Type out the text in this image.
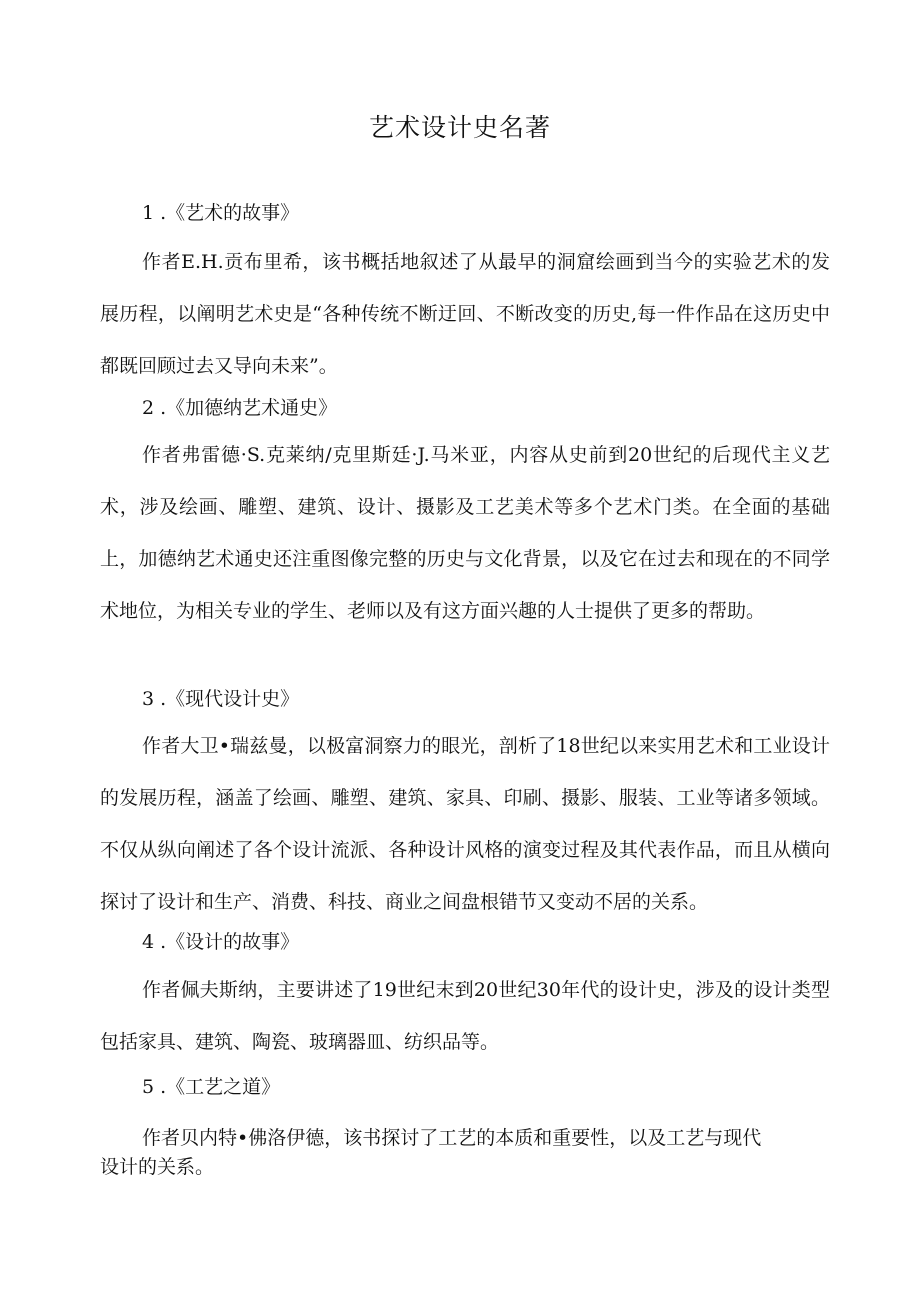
艺术设计史名著
1 .《艺术的故事》
作者E.H.贡布里希，该书概括地叙述了从最早的洞窟绘画到当今的实验艺术的发展历程，以阐明艺术史是“各种传统不断迂回、不断改变的历史,每一件作品在这历史中都既回顾过去又导向未来”。
2 .《加德纳艺术通史》
作者弗雷德·S.克莱纳/克里斯廷·J.马米亚，内容从史前到20世纪的后现代主义艺术，涉及绘画、雕塑、建筑、设计、摄影及工艺美术等多个艺术门类。在全面的基础上，加德纳艺术通史还注重图像完整的历史与文化背景，以及它在过去和现在的不同学术地位，为相关专业的学生、老师以及有这方面兴趣的人士提供了更多的帮助。
3 .《现代设计史》
作者大卫•瑞兹曼，以极富洞察力的眼光，剖析了18世纪以来实用艺术和工业设计的发展历程，涵盖了绘画、雕塑、建筑、家具、印刷、摄影、服装、工业等诸多领域。不仅从纵向阐述了各个设计流派、各种设计风格的演变过程及其代表作品，而且从横向探讨了设计和生产、消费、科技、商业之间盘根错节又变动不居的关系。
4 .《设计的故事》
作者佩夫斯纳，主要讲述了19世纪末到20世纪30年代的设计史，涉及的设计类型包括家具、建筑、陶瓷、玻璃器皿、纺织品等。
5 .《工艺之道》
作者贝内特•佛洛伊德，该书探讨了工艺的本质和重要性，以及工艺与现代设计的关系。
